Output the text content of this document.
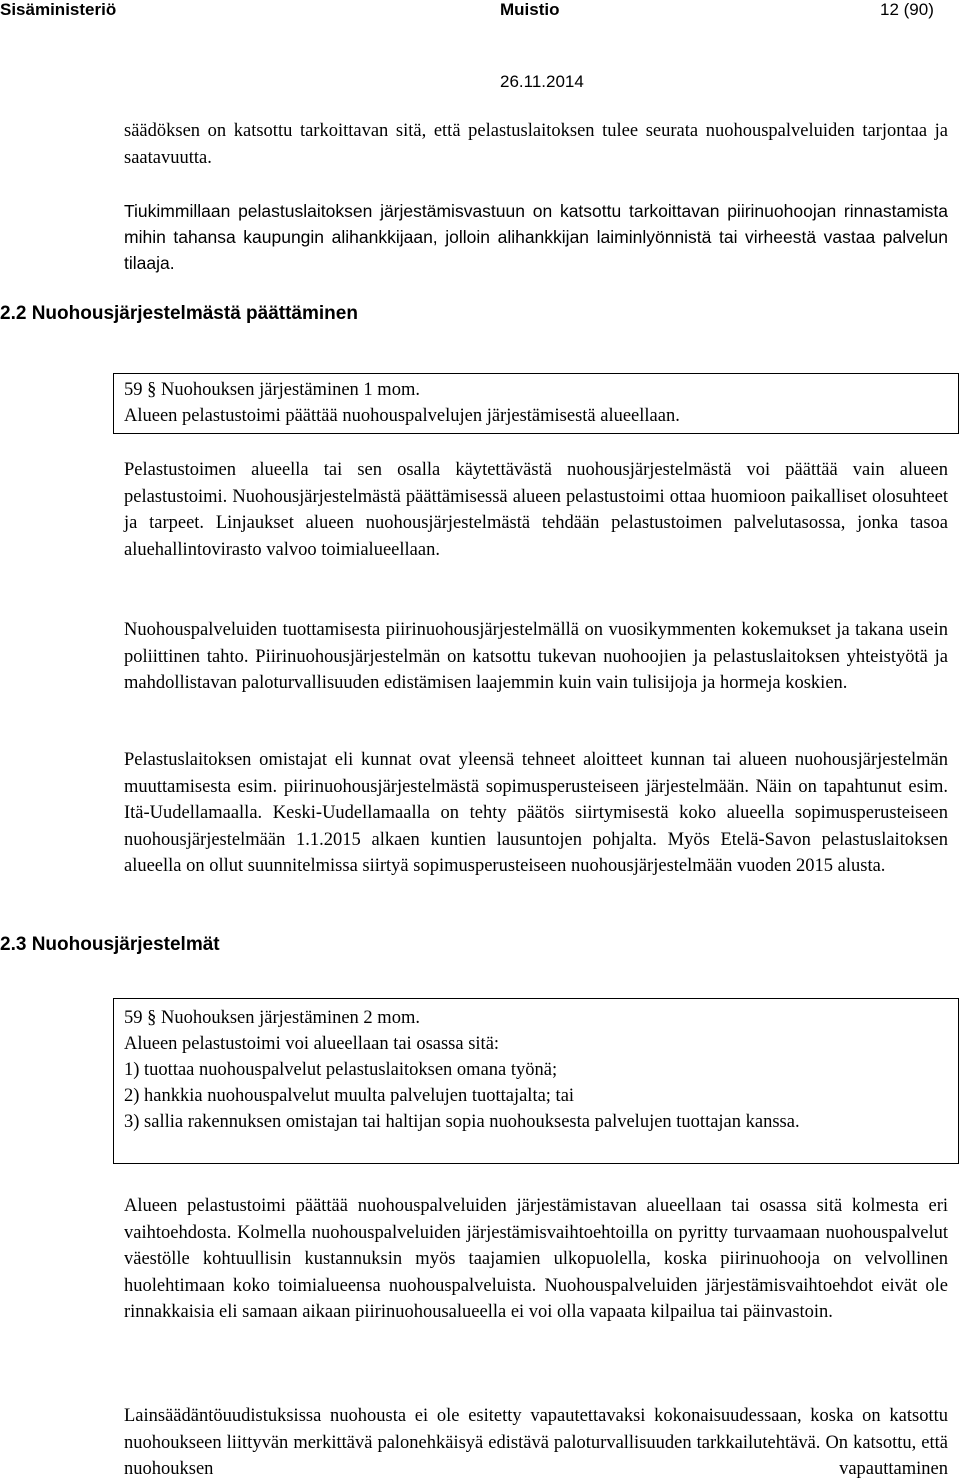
Sisäministeriö	Muistio	12 (90)
26.11.2014
säädöksen on katsottu tarkoittavan sitä, että pelastuslaitoksen tulee seurata nuohouspalveluiden tarjontaa ja saatavuutta.
Tiukimmillaan pelastuslaitoksen järjestämisvastuun on katsottu tarkoittavan piirinuohoojan rinnastamista mihin tahansa kaupungin alihankkijaan, jolloin alihankkijan laiminlyönnistä tai virheestä vastaa palvelun tilaaja.
2.2 Nuohousjärjestelmästä päättäminen
59 § Nuohouksen järjestäminen 1 mom.
Alueen pelastustoimi päättää nuohouspalvelujen järjestämisestä alueellaan.
Pelastustoimen alueella tai sen osalla käytettävästä nuohousjärjestelmästä voi päättää vain alueen pelastustoimi. Nuohousjärjestelmästä päättämisessä alueen pelastustoimi ottaa huomioon paikalliset olosuhteet ja tarpeet. Linjaukset alueen nuohousjärjestelmästä tehdään pelastustoimen palvelutasossa, jonka tasoa aluehallintovirasto valvoo toimialueellaan.
Nuohouspalveluiden tuottamisesta piirinuohousjärjestelmällä on vuosikymmenten kokemukset ja takana usein poliittinen tahto. Piirinuohousjärjestelmän on katsottu tukevan nuohoojien ja pelastuslaitoksen yhteistyötä ja mahdollistavan paloturvallisuuden edistämisen laajemmin kuin vain tulisijoja ja hormeja koskien.
Pelastuslaitoksen omistajat eli kunnat ovat yleensä tehneet aloitteet kunnan tai alueen nuohousjärjestelmän muuttamisesta esim. piirinuohousjärjestelmästä sopimusperusteiseen järjestelmään. Näin on tapahtunut esim. Itä-Uudellamaalla. Keski-Uudellamaalla on tehty päätös siirtymisestä koko alueella sopimusperusteiseen nuohousjärjestelmään 1.1.2015 alkaen kuntien lausuntojen pohjalta. Myös Etelä-Savon pelastuslaitoksen alueella on ollut suunnitelmissa siirtyä sopimusperusteiseen nuohousjärjestelmään vuoden 2015 alusta.
2.3 Nuohousjärjestelmät
59 § Nuohouksen järjestäminen 2 mom.
Alueen pelastustoimi voi alueellaan tai osassa sitä:
1) tuottaa nuohouspalvelut pelastuslaitoksen omana työnä;
2) hankkia nuohouspalvelut muulta palvelujen tuottajalta; tai
3) sallia rakennuksen omistajan tai haltijan sopia nuohouksesta palvelujen tuottajan kanssa.
Alueen pelastustoimi päättää nuohouspalveluiden järjestämistavan alueellaan tai osassa sitä kolmesta eri vaihtoehdosta. Kolmella nuohouspalveluiden järjestämisvaihtoehtoilla on pyritty turvaamaan nuohouspalvelut väestölle kohtuullisin kustannuksin myös taajamien ulkopuolella, koska piirinuohooja on velvollinen huolehtimaan koko toimialueensa nuohouspalveluista. Nuohouspalveluiden järjestämisvaihtoehdot eivät ole rinnakkaisia eli samaan aikaan piirinuohousalueella ei voi olla vapaata kilpailua tai päinvastoin.
Lainsäädäntöuudistuksissa nuohousta ei ole esitetty vapautettavaksi kokonaisuudessaan, koska on katsottu nuohoukseen liittyvän merkittävä palonehkäisyä edistävä paloturvallisuuden tarkkailutehtävä. On katsottu, että nuohouksen vapauttaminen
